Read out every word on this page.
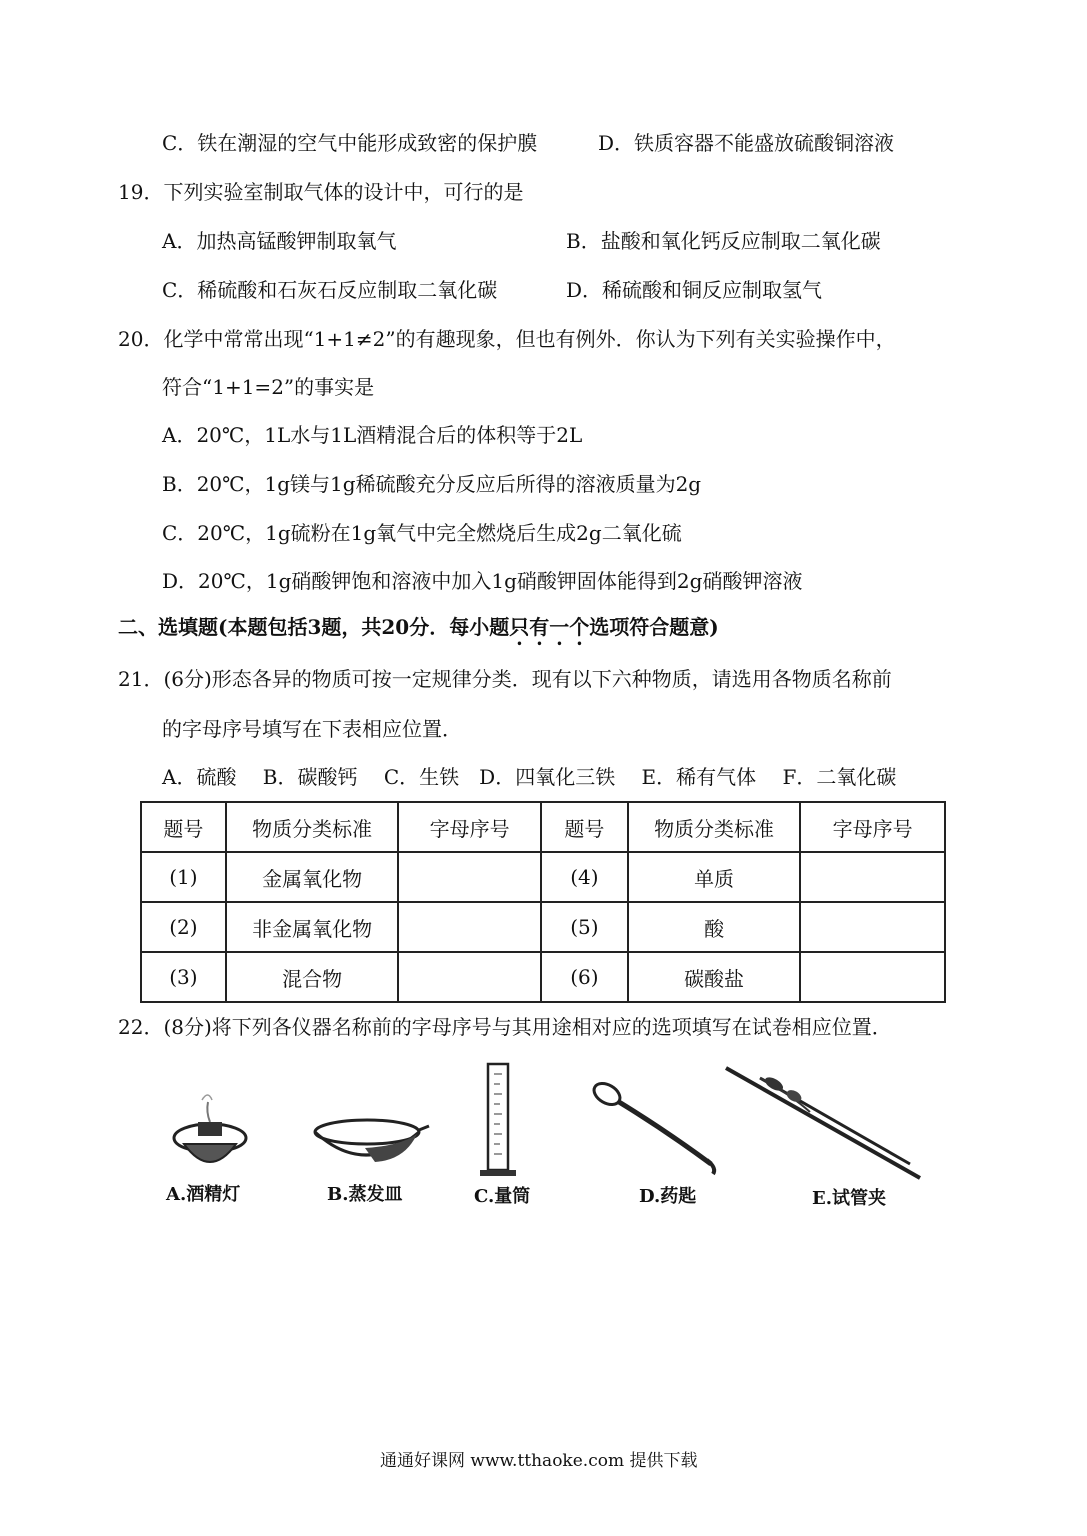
C．铁在潮湿的空气中能形成致密的保护膜	D．铁质容器不能盛放硫酸铜溶液
19．下列实验室制取气体的设计中，可行的是
A．加热高锰酸钾制取氧气	B．盐酸和氧化钙反应制取二氧化碳
C．稀硫酸和石灰石反应制取二氧化碳	D．稀硫酸和铜反应制取氢气
20．化学中常常出现“1+1≠2”的有趣现象，但也有例外．你认为下列有关实验操作中，
符合“1+1=2”的事实是
A．20℃，1L水与1L酒精混合后的体积等于2L
B．20℃，1g镁与1g稀硫酸充分反应后所得的溶液质量为2g
C．20℃，1g硫粉在1g氧气中完全燃烧后生成2g二氧化硫
D．20℃，1g硝酸钾饱和溶液中加入1g硝酸钾固体能得到2g硝酸钾溶液
二、选填题(本题包括3题，共20分．每小题只有一个选项符合题意)
21．(6分)形态各异的物质可按一定规律分类．现有以下六种物质，请选用各物质名称前
的字母序号填写在下表相应位置．
A．硫酸　 B．碳酸钙　 C．生铁　D．四氧化三铁　 E．稀有气体　 F．二氧化碳
题号	物质分类标准	字母序号	题号	物质分类标准	字母序号
(1)	金属氧化物		(4)	单质	
(2)	非金属氧化物		(5)	酸	
(3)	混合物		(6)	碳酸盐	
22．(8分)将下列各仪器名称前的字母序号与其用途相对应的选项填写在试卷相应位置．
A.酒精灯	B.蒸发皿	C.量筒	D.药匙	E.试管夹
通通好课网 www.tthaoke.com 提供下载
